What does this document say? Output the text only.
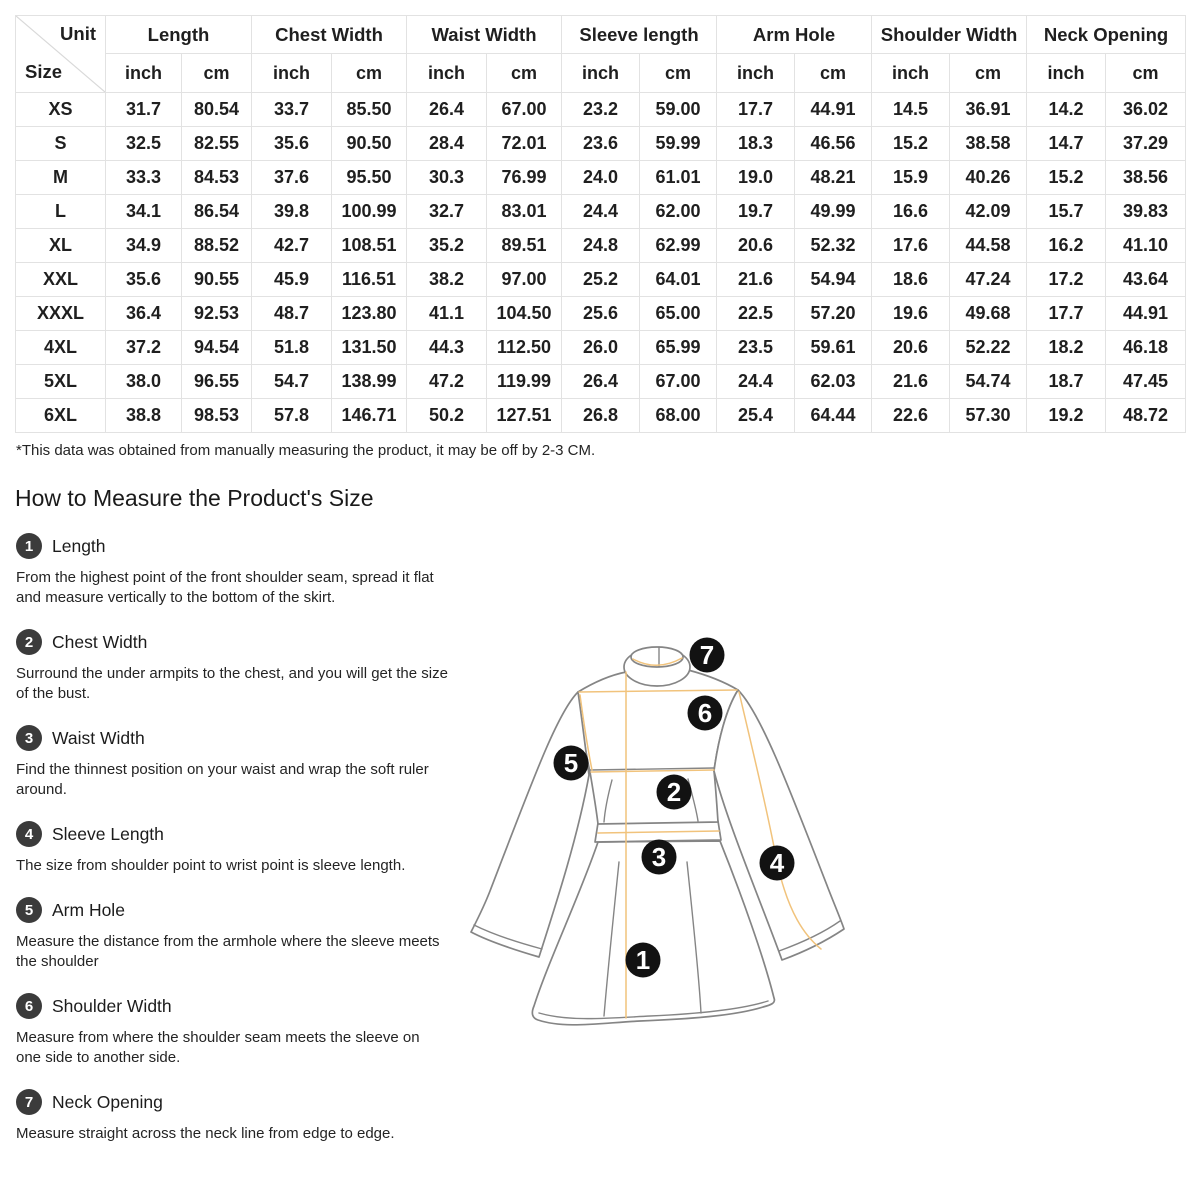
Unit
Size	Length		Chest Width		Waist Width		Sleeve length		Arm Hole		Shoulder Width		Neck Opening	
	inch	cm	inch	cm	inch	cm	inch	cm	inch	cm	inch	cm	inch	cm
XS	31.7	80.54	33.7	85.50	26.4	67.00	23.2	59.00	17.7	44.91	14.5	36.91	14.2	36.02
S	32.5	82.55	35.6	90.50	28.4	72.01	23.6	59.99	18.3	46.56	15.2	38.58	14.7	37.29
M	33.3	84.53	37.6	95.50	30.3	76.99	24.0	61.01	19.0	48.21	15.9	40.26	15.2	38.56
L	34.1	86.54	39.8	100.99	32.7	83.01	24.4	62.00	19.7	49.99	16.6	42.09	15.7	39.83
XL	34.9	88.52	42.7	108.51	35.2	89.51	24.8	62.99	20.6	52.32	17.6	44.58	16.2	41.10
XXL	35.6	90.55	45.9	116.51	38.2	97.00	25.2	64.01	21.6	54.94	18.6	47.24	17.2	43.64
XXXL	36.4	92.53	48.7	123.80	41.1	104.50	25.6	65.00	22.5	57.20	19.6	49.68	17.7	44.91
4XL	37.2	94.54	51.8	131.50	44.3	112.50	26.0	65.99	23.5	59.61	20.6	52.22	18.2	46.18
5XL	38.0	96.55	54.7	138.99	47.2	119.99	26.4	67.00	24.4	62.03	21.6	54.74	18.7	47.45
6XL	38.8	98.53	57.8	146.71	50.2	127.51	26.8	68.00	25.4	64.44	22.6	57.30	19.2	48.72

*This data was obtained from manually measuring the product, it may be off by 2-3 CM.

How to Measure the Product's Size
1	Length

From the highest point of the front shoulder seam, spread it flat and measure vertically to the bottom of the skirt.

2	Chest Width

Surround the under armpits to the chest, and you will get the size of the bust.

3	Waist Width

Find the thinnest position on your waist and wrap the soft ruler around.

4	Sleeve Length

The size from shoulder point to wrist point is sleeve length.

5	Arm Hole

Measure the distance from the armhole where the sleeve meets the shoulder

6	Shoulder Width

Measure from where the shoulder seam meets the sleeve on one side to another side.

7	Neck Opening

Measure straight across the neck line from edge to edge.

1
2
3	4
5
6
7
